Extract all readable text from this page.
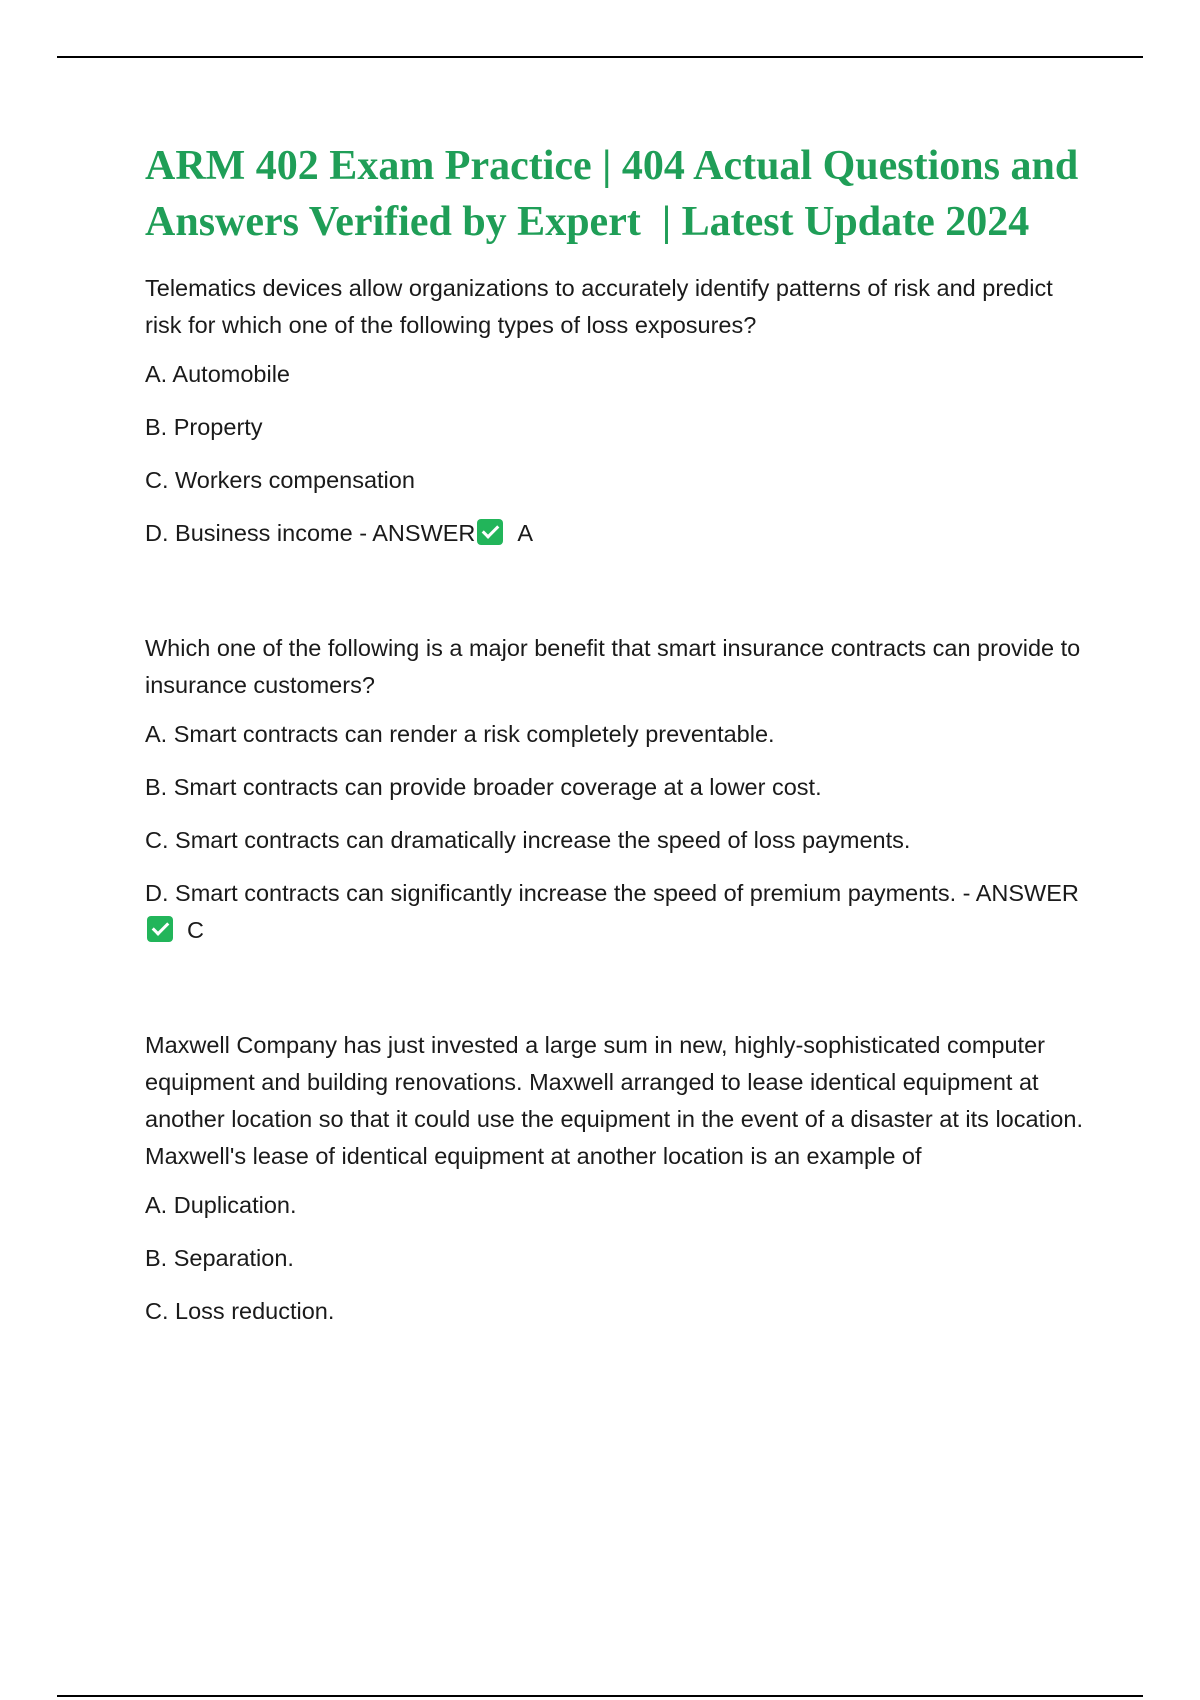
ARM 402 Exam Practice | 404 Actual Questions and Answers Verified by Expert  | Latest Update 2024

Telematics devices allow organizations to accurately identify patterns of risk and predict risk for which one of the following types of loss exposures?

A. Automobile

B. Property

C. Workers compensation

D. Business income - ANSWER A

Which one of the following is a major benefit that smart insurance contracts can provide to insurance customers?

A. Smart contracts can render a risk completely preventable.

B. Smart contracts can provide broader coverage at a lower cost.

C. Smart contracts can dramatically increase the speed of loss payments.

D. Smart contracts can significantly increase the speed of premium payments. - ANSWERC

Maxwell Company has just invested a large sum in new, highly-sophisticated computer equipment and building renovations. Maxwell arranged to lease identical equipment at another location so that it could use the equipment in the event of a disaster at its location. Maxwell's lease of identical equipment at another location is an example of

A. Duplication.

B. Separation.

C. Loss reduction.
